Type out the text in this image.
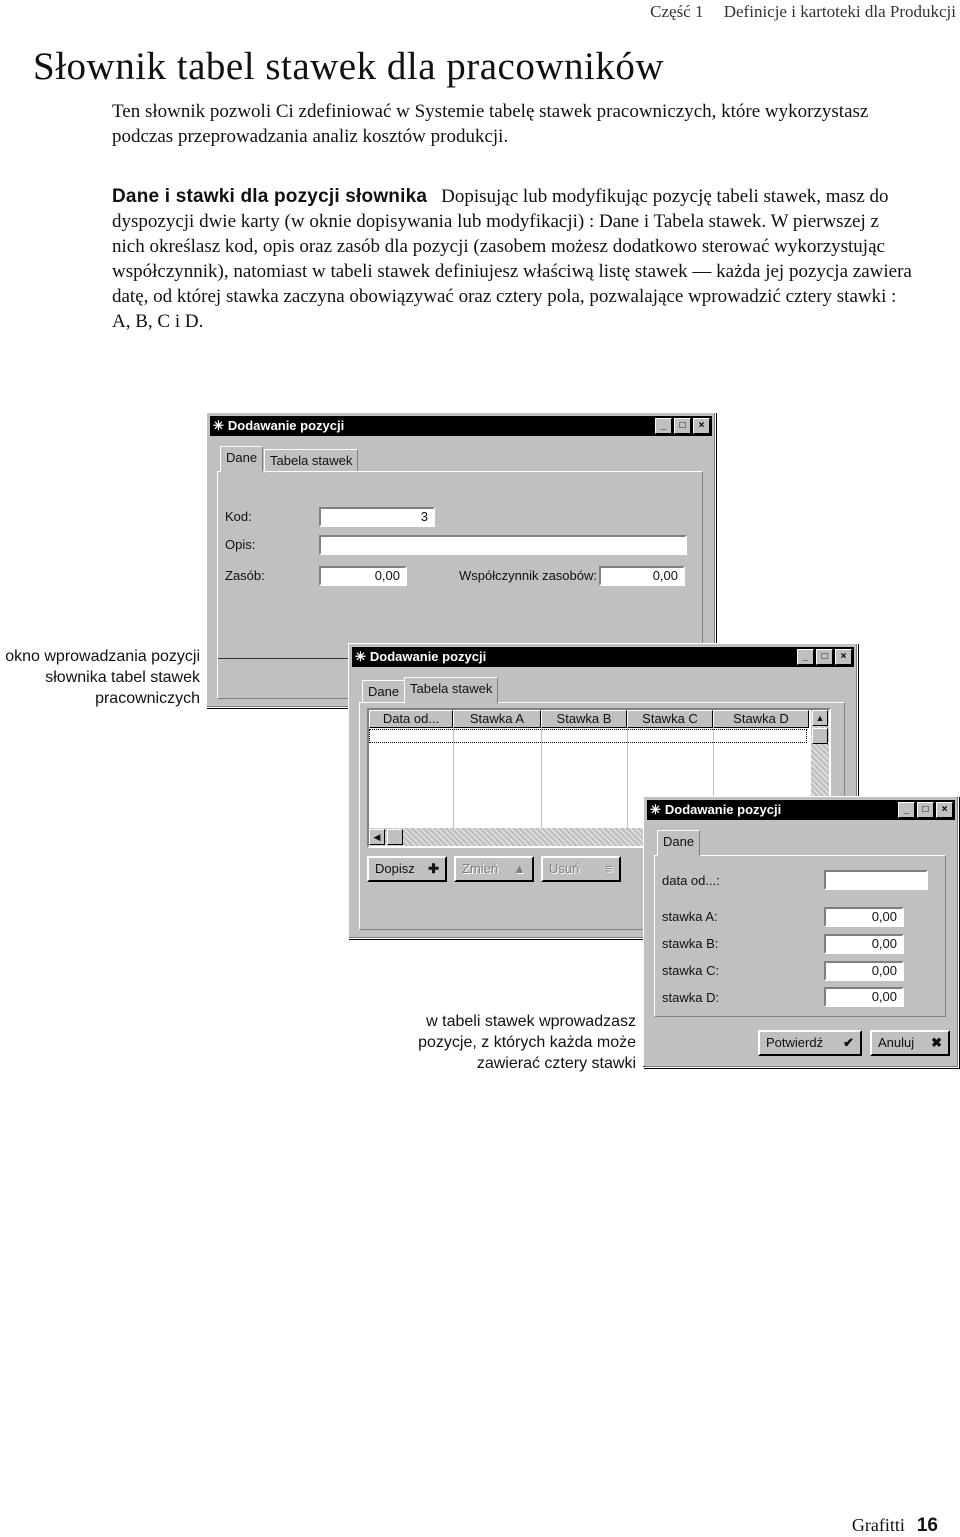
Część 1 Definicje i kartoteki dla Produkcji
Słownik tabel stawek dla pracowników

Ten słownik pozwoli Ci zdefiniować w Systemie tabelę stawek pracowniczych, które wykorzystasz podczas przeprowadzania analiz kosztów produkcji.

Dane i stawki dla pozycji słownika Dopisując lub modyfikując pozycję tabeli stawek, masz do dyspozycji dwie karty (w oknie dopisywania lub modyfikacji) : Dane i Tabela stawek. W pierwszej z nich określasz kod, opis oraz zasób dla pozycji (zasobem możesz dodatkowo sterować wykorzystując współczynnik), natomiast w tabeli stawek definiujesz właściwą listę stawek — każda jej pozycja zawiera datę, od której stawka zaczyna obowiązywać oraz cztery pola, pozwalające wprowadzić cztery stawki : A, B, C i D.

✳ Dodawanie pozycji	_	□	×
Dane Tabela stawek
Kod:	3
Opis:
Zasób:	0,00	Współczynnik zasobów:	0,00
okno wprowadzania pozycji słownika tabel stawek pracowniczych
✳ Dodawanie pozycji	_	□	×
Dane Tabela stawek
Data od...	Stawka A	Stawka B	Stawka C	Stawka D	▲
◀
Dopisz ✚	Zmień ▲	Usuń ≡
✳ Dodawanie pozycji	_	□	×
Dane
data od...:
stawka A:	0,00
stawka B:	0,00
stawka C:	0,00
stawka D:	0,00
Potwierdź ✔	Anuluj ✖
w tabeli stawek wprowadzasz pozycje, z których każda może zawierać cztery stawki
Grafitti 16
